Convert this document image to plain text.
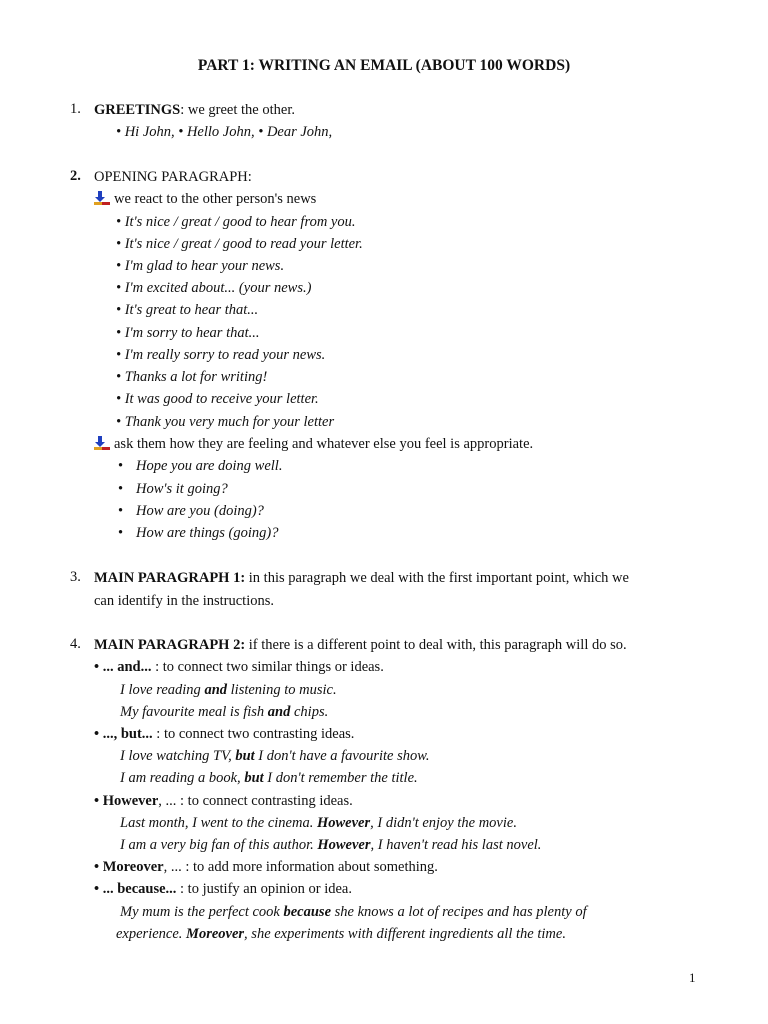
PART 1: WRITING AN EMAIL (ABOUT 100 WORDS)
1. GREETINGS: we greet the other.
• Hi John, • Hello John, • Dear John,
2. OPENING PARAGRAPH:
we react to the other person's news
• It's nice / great / good to hear from you.
• It's nice / great / good to read your letter.
• I'm glad to hear your news.
• I'm excited about... (your news.)
• It's great to hear that...
• I'm sorry to hear that...
• I'm really sorry to read your news.
• Thanks a lot for writing!
• It was good to receive your letter.
• Thank you very much for your letter
ask them how they are feeling and whatever else you feel is appropriate.
• Hope you are doing well.
• How's it going?
• How are you (doing)?
• How are things (going)?
3. MAIN PARAGRAPH 1: in this paragraph we deal with the first important point, which we
can identify in the instructions.
4. MAIN PARAGRAPH 2: if there is a different point to deal with, this paragraph will do so.
• ... and... : to connect two similar things or ideas.
I love reading and listening to music.
My favourite meal is fish and chips.
• ..., but... : to connect two contrasting ideas.
I love watching TV, but I don't have a favourite show.
I am reading a book, but I don't remember the title.
• However, ... : to connect contrasting ideas.
Last month, I went to the cinema. However, I didn't enjoy the movie.
I am a very big fan of this author. However, I haven't read his last novel.
• Moreover, ... : to add more information about something.
• ... because... : to justify an opinion or idea.
My mum is the perfect cook because she knows a lot of recipes and has plenty of
experience. Moreover, she experiments with different ingredients all the time.
1
